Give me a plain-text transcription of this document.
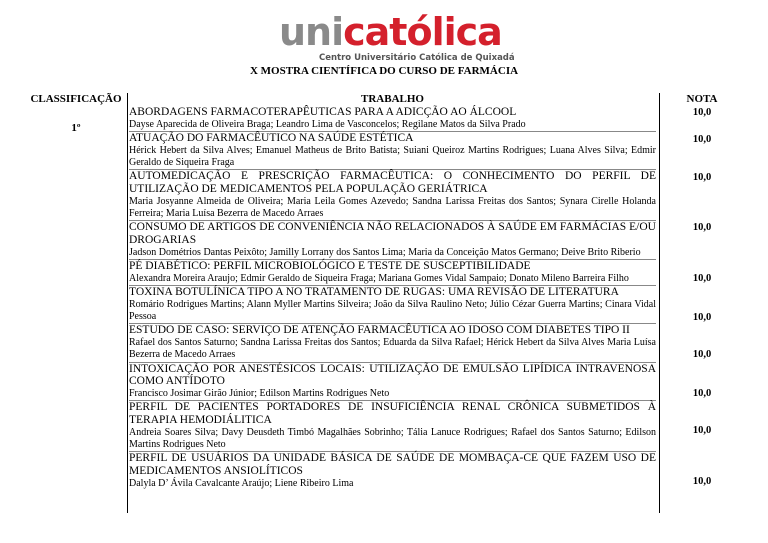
unicatólica
Centro Universitário Católica de Quixadá
X MOSTRA CIENTÍFICA DO CURSO DE FARMÁCIA
CLASSIFICAÇÃO
1º
TRABALHO
ABORDAGENS FARMACOTERAPÊUTICAS PARA A ADICÇÃO AO ÁLCOOL
Dayse Aparecida de Oliveira Braga; Leandro Lima de Vasconcelos; Regilane Matos da Silva Prado
ATUAÇÃO DO FARMACÊUTICO NA SAÚDE ESTÉTICA
Hérick Hebert da Silva Alves; Emanuel Matheus de Brito Batista; Suiani Queiroz Martins Rodrigues; Luana Alves Silva; Edmir Geraldo de Siqueira Fraga
AUTOMEDICAÇÃO E PRESCRIÇÃO FARMACÊUTICA: O CONHECIMENTO DO PERFIL DE UTILIZAÇÃO DE MEDICAMENTOS PELA POPULAÇÃO GERIÁTRICA
Maria Josyanne Almeida de Oliveira; Maria Leila Gomes Azevedo; Sandna Larissa Freitas dos Santos; Synara Cirelle Holanda Ferreira; Maria Luísa Bezerra de Macedo Arraes
CONSUMO DE ARTIGOS DE CONVENIÊNCIA NÃO RELACIONADOS À SAÚDE EM FARMÁCIAS E/OU DROGARIAS
Jadson Dométrios Dantas Peixôto; Jamilly Lorrany dos Santos Lima; Maria da Conceição Matos Germano; Deive Brito Riberio
PÉ DIABÉTICO: PERFIL MICROBIOLÓGICO E TESTE DE SUSCEPTIBILIDADE
Alexandra Moreira Araujo; Edmir Geraldo de Siqueira Fraga; Mariana Gomes Vidal Sampaio; Donato Mileno Barreira Filho
TOXINA BOTULÍNICA TIPO A NO TRATAMENTO DE RUGAS: UMA REVISÃO DE LITERATURA
Romário Rodrigues Martins; Alann Myller Martins Silveira; João da Silva Raulino Neto; Júlio Cézar Guerra Martins; Cinara Vidal Pessoa
ESTUDO DE CASO: SERVIÇO DE ATENÇÃO FARMACÊUTICA AO IDOSO COM DIABETES TIPO II
Rafael dos Santos Saturno; Sandna Larissa Freitas dos Santos; Eduarda da Silva Rafael; Hérick Hebert da Silva Alves Maria Luísa Bezerra de Macedo Arraes
INTOXICAÇÃO POR ANESTÉSICOS LOCAIS: UTILIZAÇÃO DE EMULSÃO LIPÍDICA INTRAVENOSA COMO ANTÍDOTO
Francisco Josimar Girão Júnior; Edilson Martins Rodrigues Neto
PERFIL DE PACIENTES PORTADORES DE INSUFICIÊNCIA RENAL CRÔNICA SUBMETIDOS À TERAPIA HEMODIÁLITICA
Andreia Soares Silva; Davy Deusdeth Timbó Magalhães Sobrinho; Tália Lanuce Rodrigues; Rafael dos Santos Saturno; Edilson Martins Rodrigues Neto
PERFIL DE USUÁRIOS DA UNIDADE BÁSICA DE SAÚDE DE MOMBAÇA-CE QUE FAZEM USO DE MEDICAMENTOS ANSIOLÍTICOS
Dalyla D’ Ávila Cavalcante Araújo; Liene Ribeiro Lima
NOTA
10,0
10,0
10,0
10,0
10,0
10,0
10,0
10,0
10,0
10,0
